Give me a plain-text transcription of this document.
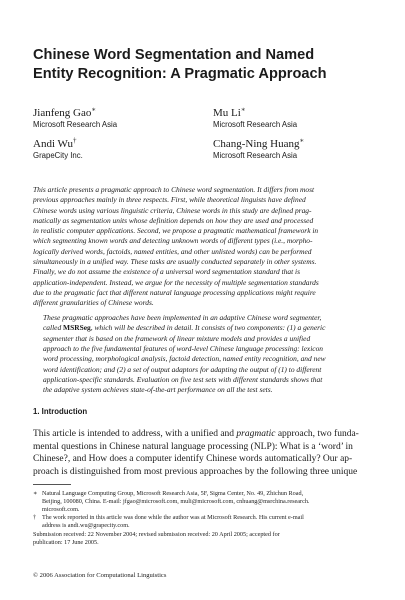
Chinese Word Segmentation and Named
Entity Recognition: A Pragmatic Approach
Jianfeng Gao∗
Microsoft Research Asia
Mu Li∗
Microsoft Research Asia
Andi Wu†
GrapeCity Inc.
Chang-Ning Huang∗
Microsoft Research Asia

This article presents a pragmatic approach to Chinese word segmentation. It differs from most
previous approaches mainly in three respects. First, while theoretical linguists have defined
Chinese words using various linguistic criteria, Chinese words in this study are defined prag-
matically as segmentation units whose definition depends on how they are used and processed
in realistic computer applications. Second, we propose a pragmatic mathematical framework in
which segmenting known words and detecting unknown words of different types (i.e., morpho-
logically derived words, factoids, named entities, and other unlisted words) can be performed
simultaneously in a unified way. These tasks are usually conducted separately in other systems.
Finally, we do not assume the existence of a universal word segmentation standard that is
application-independent. Instead, we argue for the necessity of multiple segmentation standards
due to the pragmatic fact that different natural language processing applications might require
different granularities of Chinese words.

These pragmatic approaches have been implemented in an adaptive Chinese word segmenter,
called MSRSeg, which will be described in detail. It consists of two components: (1) a generic
segmenter that is based on the framework of linear mixture models and provides a unified
approach to the five fundamental features of word-level Chinese language processing: lexicon
word processing, morphological analysis, factoid detection, named entity recognition, and new
word identification; and (2) a set of output adaptors for adapting the output of (1) to different
application-specific standards. Evaluation on five test sets with different standards shows that
the adaptive system achieves state-of-the-art performance on all the test sets.

1. Introduction
This article is intended to address, with a unified and pragmatic approach, two funda-
mental questions in Chinese natural language processing (NLP): What is a ‘word’ in
Chinese?, and How does a computer identify Chinese words automatically? Our ap-
proach is distinguished from most previous approaches by the following three unique
∗ Natural Language Computing Group, Microsoft Research Asia, 5F, Sigma Center, No. 49, Zhichun Road,
Beijing, 100080, China. E-mail: jfgao@microsoft.com, muli@microsoft.com, cnhuang@msrchina.research.
microsoft.com.
† The work reported in this article was done while the author was at Microsoft Research. His current e-mail
address is andi.wu@grapecity.com.
Submission received: 22 November 2004; revised submission received: 20 April 2005; accepted for
publication: 17 June 2005.
© 2006 Association for Computational Linguistics
